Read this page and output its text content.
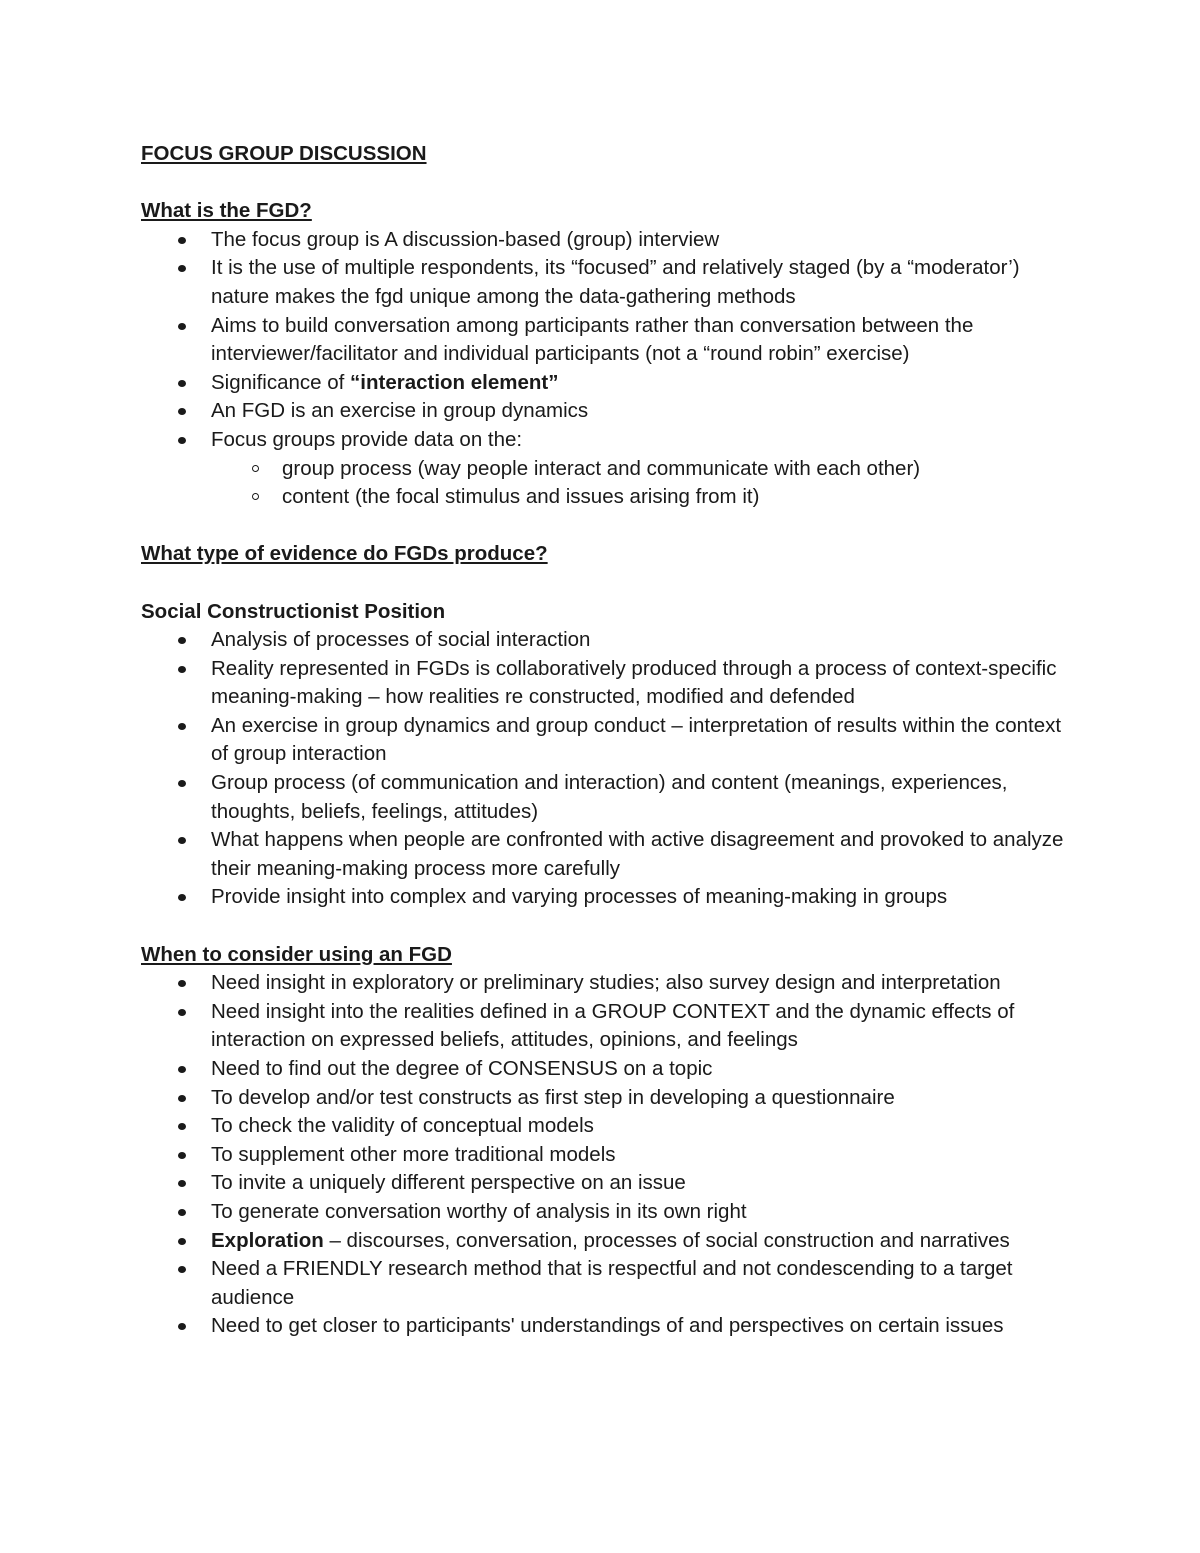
FOCUS GROUP DISCUSSION

What is the FGD?

The focus group is A discussion-based (group) interview
It is the use of multiple respondents, its “focused” and relatively staged (by a “moderator’) nature makes the fgd unique among the data-gathering methods
Aims to build conversation among participants rather than conversation between the interviewer/facilitator and individual participants (not a “round robin” exercise)
Significance of “interaction element”
An FGD is an exercise in group dynamics
Focus groups provide data on the:
group process (way people interact and communicate with each other)
content (the focal stimulus and issues arising from it)

What type of evidence do FGDs produce?

Social Constructionist Position

Analysis of processes of social interaction
Reality represented in FGDs is collaboratively produced through a process of context-specific meaning-making – how realities re constructed, modified and defended
An exercise in group dynamics and group conduct – interpretation of results within the context of group interaction
Group process (of communication and interaction) and content (meanings, experiences, thoughts, beliefs, feelings, attitudes)
What happens when people are confronted with active disagreement and provoked to analyze their meaning-making process more carefully
Provide insight into complex and varying processes of meaning-making in groups

When to consider using an FGD

Need insight in exploratory or preliminary studies; also survey design and interpretation
Need insight into the realities defined in a GROUP CONTEXT and the dynamic effects of interaction on expressed beliefs, attitudes, opinions, and feelings
Need to find out the degree of CONSENSUS on a topic
To develop and/or test constructs as first step in developing a questionnaire
To check the validity of conceptual models
To supplement other more traditional models
To invite a uniquely different perspective on an issue
To generate conversation worthy of analysis in its own right
Exploration – discourses, conversation, processes of social construction and narratives
Need a FRIENDLY research method that is respectful and not condescending to a target audience
Need to get closer to participants' understandings of and perspectives on certain issues
